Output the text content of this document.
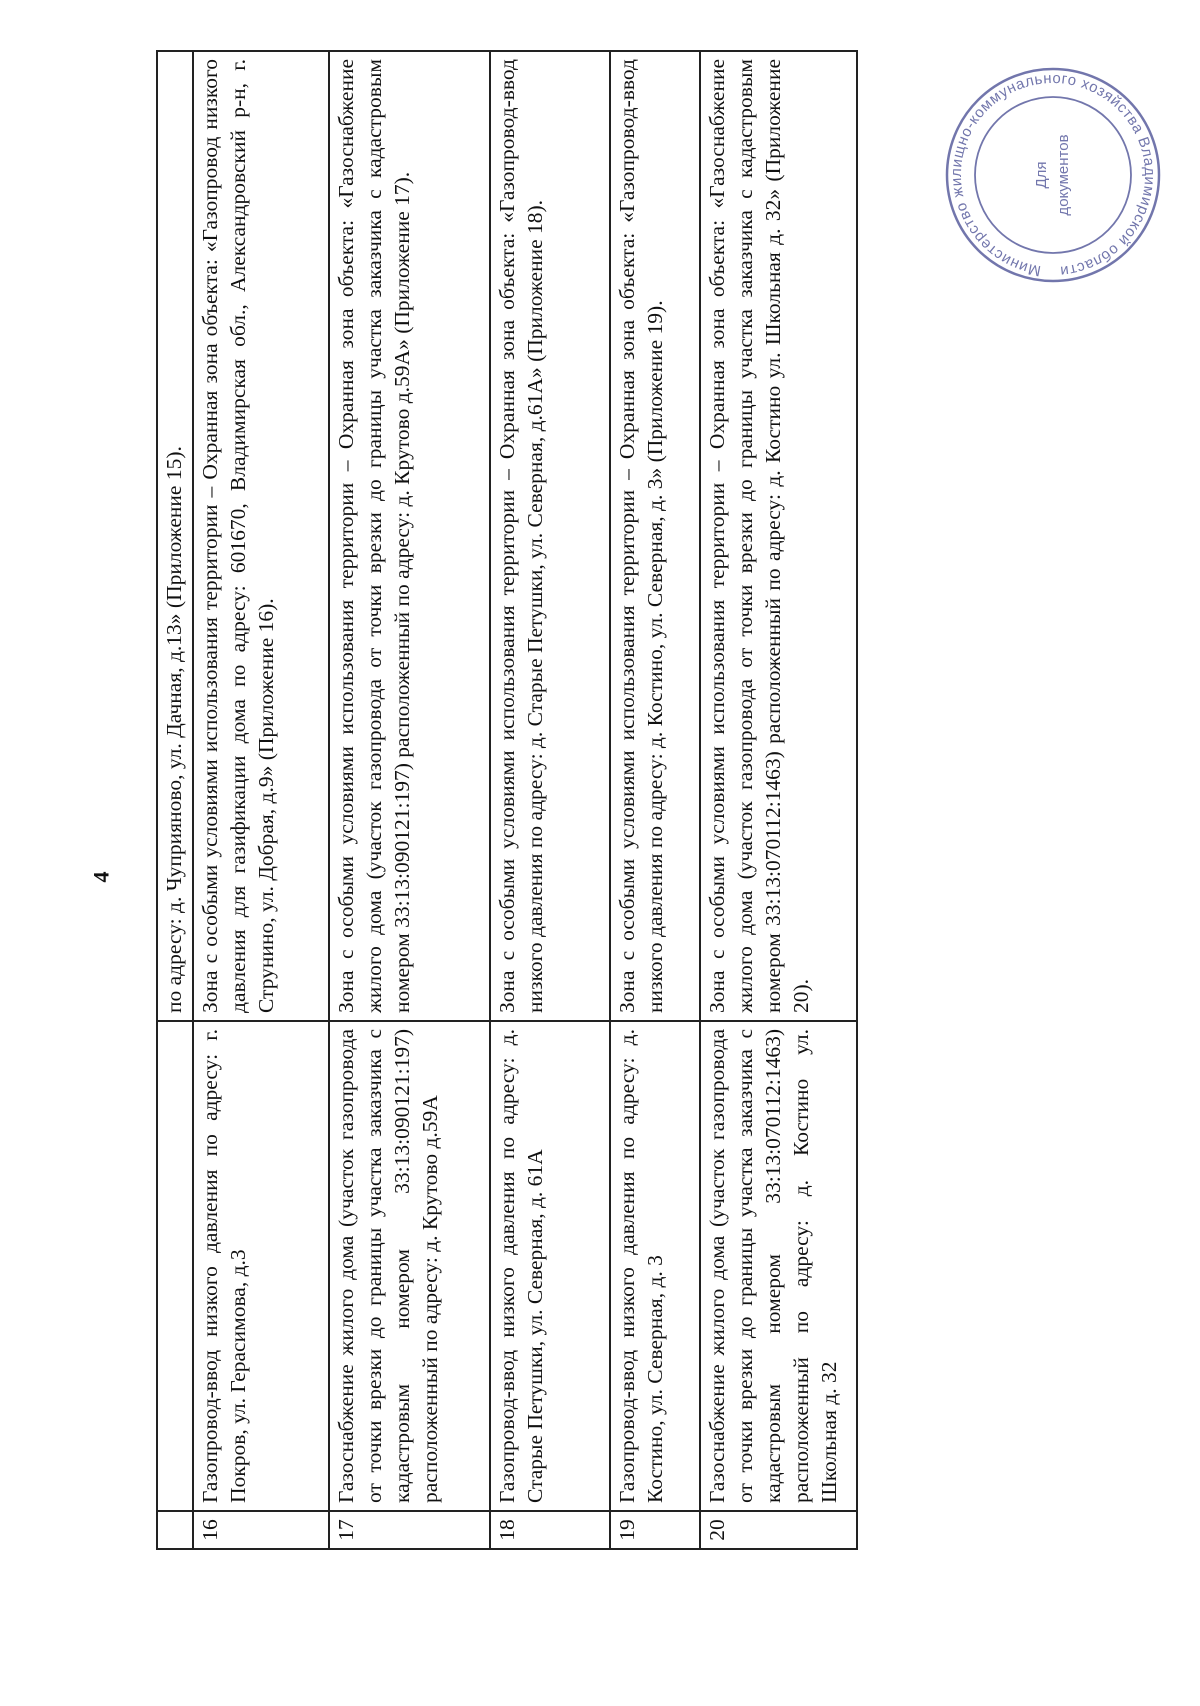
4 по адресу: д. Чуприяново, ул. Дачная, д.13» (Приложение 15).
16
Газопровод-ввод низкого давления по адресу: г. Покров, ул. Герасимова, д.3
Зона с особыми условиями использования территории – Охранная зона объекта: «Газопровод низкого давления для газификации дома по адресу: 601670, Владимирская обл., Александровский р-н, г. Струнино, ул. Добрая, д.9» (Приложение 16).
17
Газоснабжение жилого дома (участок газопровода от точки врезки до границы участка заказчика с кадастровым номером 33:13:090121:197) расположенный по адресу: д. Крутово д.59А
Зона с особыми условиями использования территории – Охранная зона объекта: «Газоснабжение жилого дома (участок газопровода от точки врезки до границы участка заказчика с кадастровым номером 33:13:090121:197) расположенный по адресу: д. Крутово д.59А» (Приложение 17).
18
Газопровод-ввод низкого давления по адресу: д. Старые Петушки, ул. Северная, д. 61А
Зона с особыми условиями использования территории – Охранная зона объекта: «Газопровод-ввод низкого давления по адресу: д. Старые Петушки, ул. Северная, д.61А» (Приложение 18).
19
Газопровод-ввод низкого давления по адресу: д. Костино, ул. Северная, д. 3
Зона с особыми условиями использования территории – Охранная зона объекта: «Газопровод-ввод низкого давления по адресу: д. Костино, ул. Северная, д. 3» (Приложение 19).
20
Газоснабжение жилого дома (участок газопровода от точки врезки до границы участка заказчика с кадастровым номером 33:13:070112:1463) расположенный по адресу: д. Костино ул. Школьная д. 32
Зона с особыми условиями использования территории – Охранная зона объекта: «Газоснабжение жилого дома (участок газопровода от точки врезки до границы участка заказчика с кадастровым номером 33:13:070112:1463) расположенный по адресу: д. Костино ул. Школьная д. 32» (Приложение 20).
Министерство жилищно-коммунального хозяйства Владимирской области
Для документов
